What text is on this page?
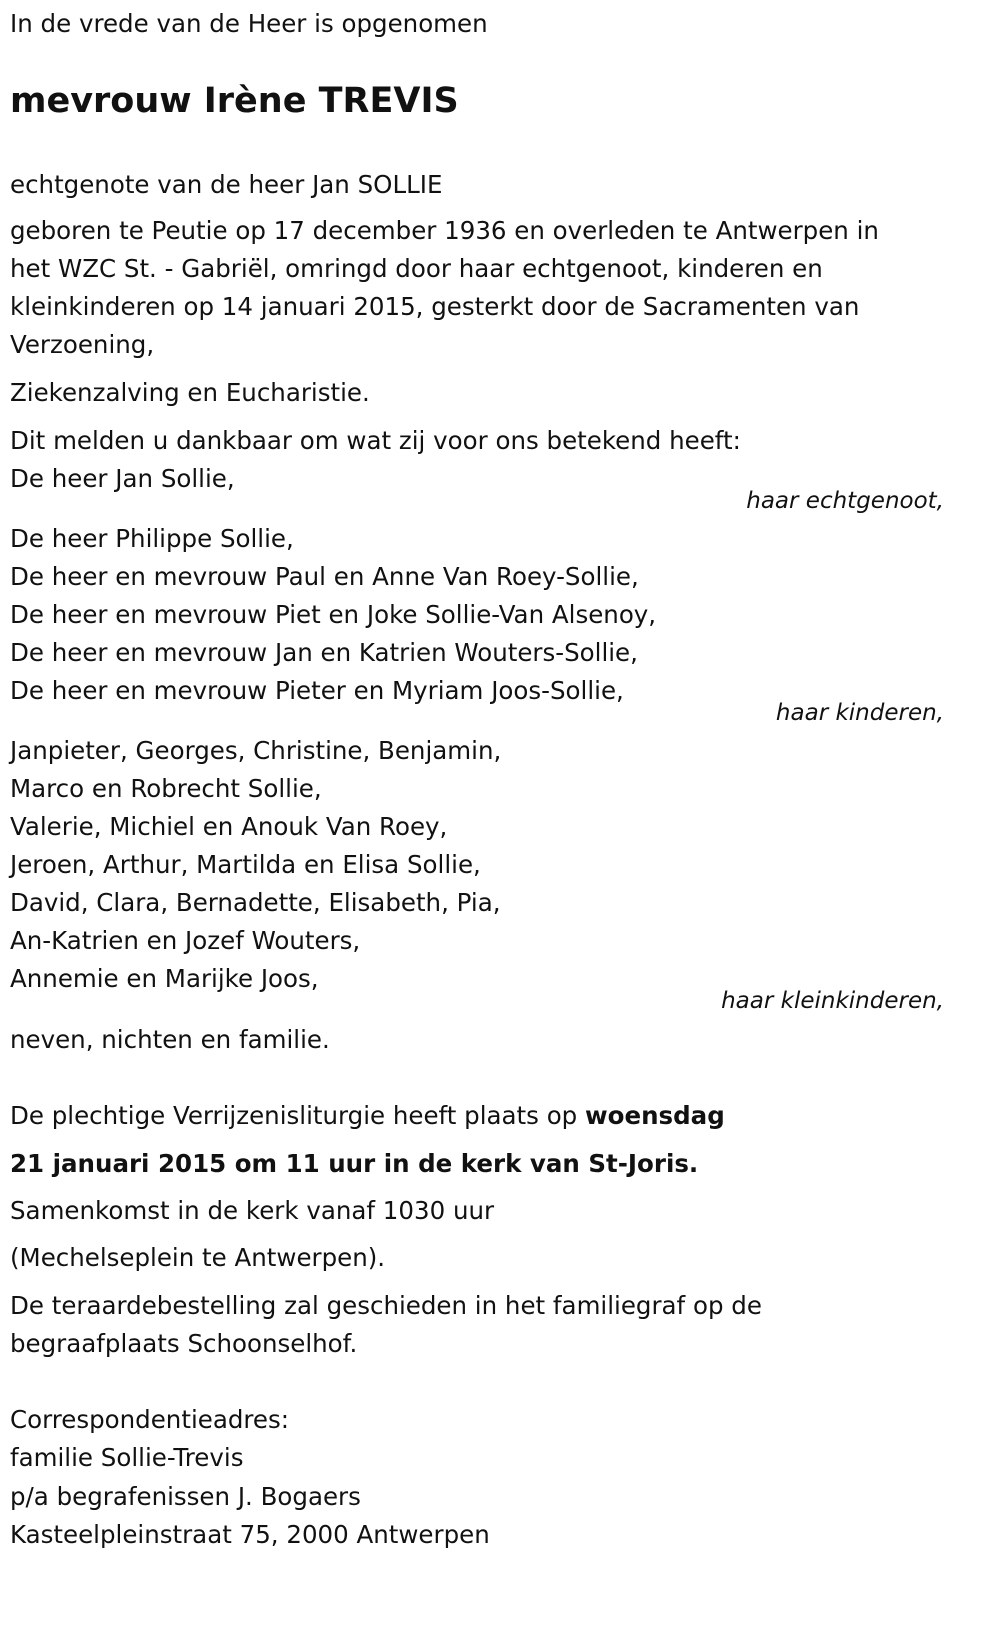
In de vrede van de Heer is opgenomen
mevrouw Irène TREVIS
echtgenote van de heer Jan SOLLIE
geboren te Peutie op 17 december 1936 en overleden te Antwerpen in
het WZC St. - Gabriël, omringd door haar echtgenoot, kinderen en
kleinkinderen op 14 januari 2015, gesterkt door de Sacramenten van
Verzoening,
Ziekenzalving en Eucharistie.
Dit melden u dankbaar om wat zij voor ons betekend heeft:
De heer Jan Sollie,
haar echtgenoot,
De heer Philippe Sollie,
De heer en mevrouw Paul en Anne Van Roey-Sollie,
De heer en mevrouw Piet en Joke Sollie-Van Alsenoy,
De heer en mevrouw Jan en Katrien Wouters-Sollie,
De heer en mevrouw Pieter en Myriam Joos-Sollie,
haar kinderen,
Janpieter, Georges, Christine, Benjamin,
Marco en Robrecht Sollie,
Valerie, Michiel en Anouk Van Roey,
Jeroen, Arthur, Martilda en Elisa Sollie,
David, Clara, Bernadette, Elisabeth, Pia,
An-Katrien en Jozef Wouters,
Annemie en Marijke Joos,
haar kleinkinderen,
neven, nichten en familie.
De plechtige Verrijzenisliturgie heeft plaats op woensdag
21 januari 2015 om 11 uur in de kerk van St-Joris.
Samenkomst in de kerk vanaf 1030 uur
(Mechelseplein te Antwerpen).
De teraardebestelling zal geschieden in het familiegraf op de
begraafplaats Schoonselhof.
Correspondentieadres:
familie Sollie-Trevis
p/a begrafenissen J. Bogaers
Kasteelpleinstraat 75, 2000 Antwerpen
